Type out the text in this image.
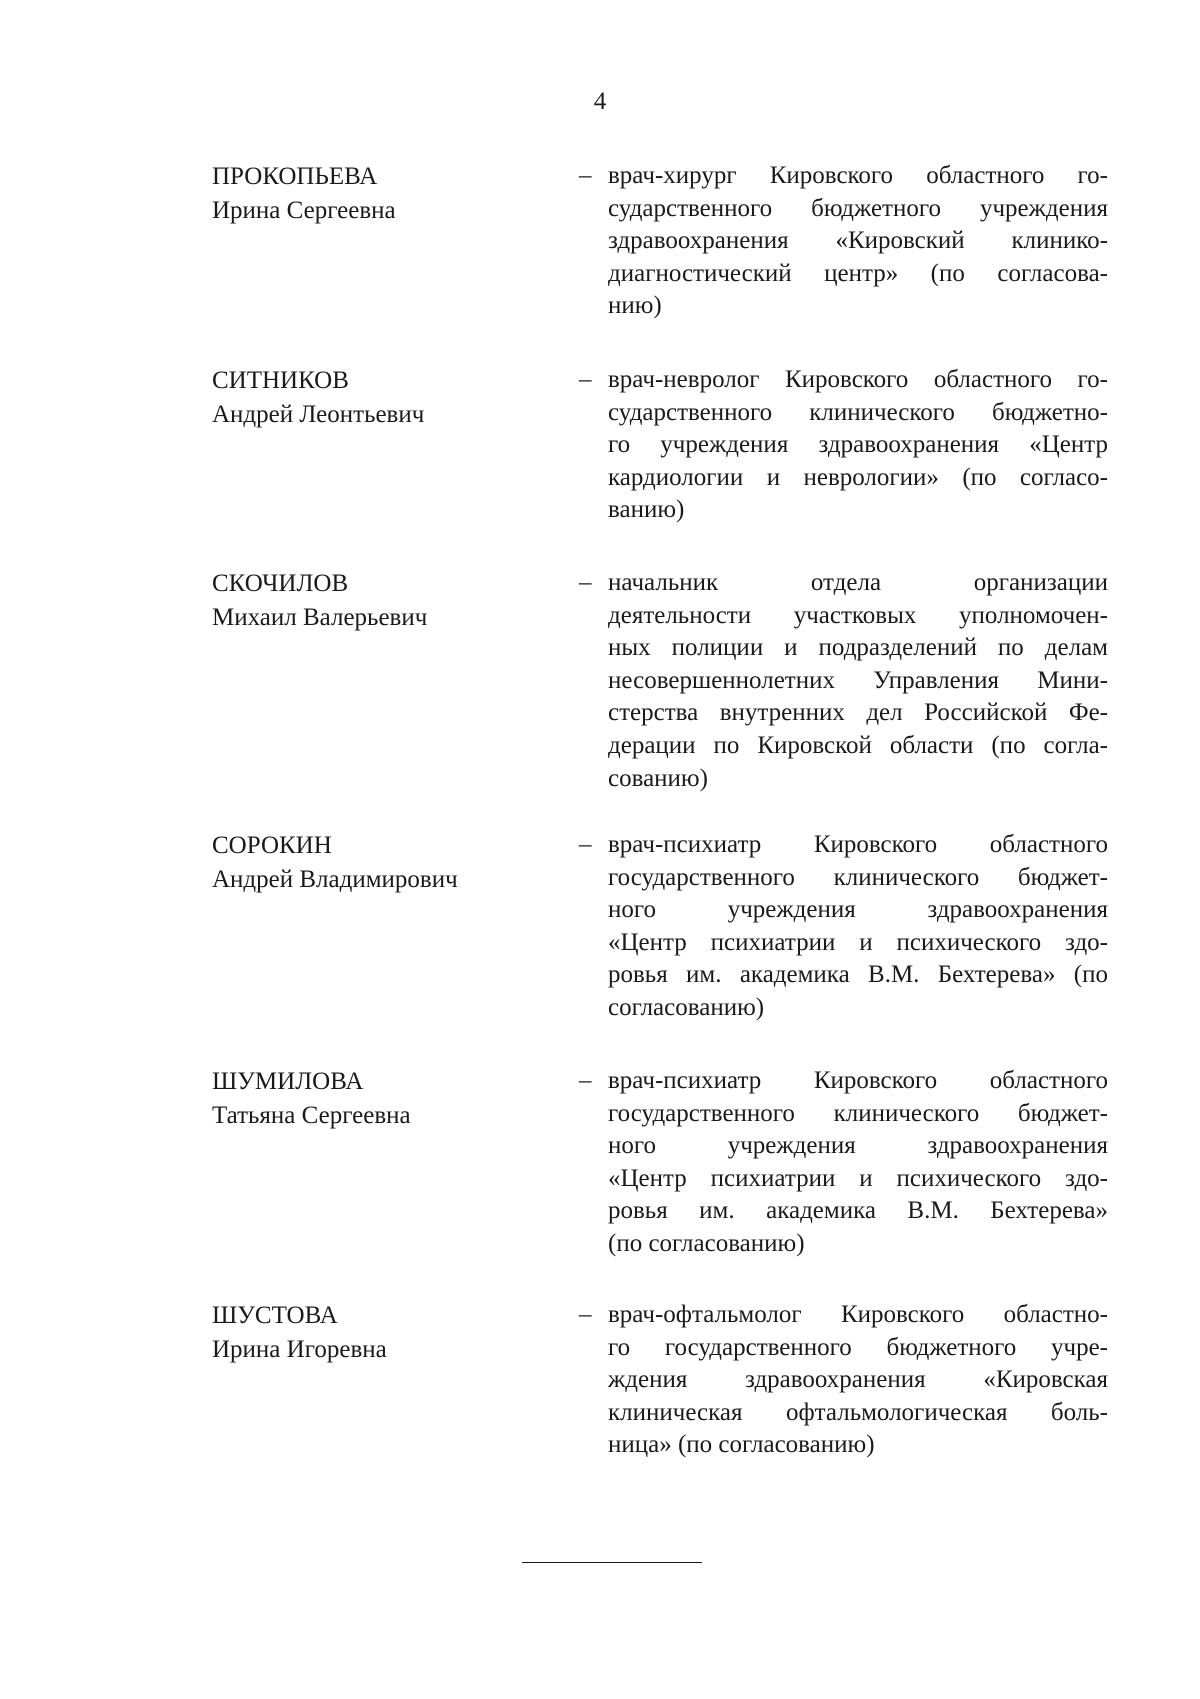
4
ПРОКОПЬЕВА
Ирина Сергеевна
– врач-хирург Кировского областного го-
сударственного бюджетного учреждения
здравоохранения «Кировский клинико-
диагностический центр» (по согласова-
нию)
СИТНИКОВ
Андрей Леонтьевич
– врач-невролог Кировского областного го-
сударственного клинического бюджетно-
го учреждения здравоохранения «Центр
кардиологии и неврологии» (по согласо-
ванию)
СКОЧИЛОВ
Михаил Валерьевич
– начальник отдела организации
деятельности участковых уполномочен-
ных полиции и подразделений по делам
несовершеннолетних Управления Мини-
стерства внутренних дел Российской Фе-
дерации по Кировской области (по согла-
сованию)
СОРОКИН
Андрей Владимирович
– врач-психиатр Кировского областного
государственного клинического бюджет-
ного учреждения здравоохранения
«Центр психиатрии и психического здо-
ровья им. академика В.М. Бехтерева» (по
согласованию)
ШУМИЛОВА
Татьяна Сергеевна
– врач-психиатр Кировского областного
государственного клинического бюджет-
ного учреждения здравоохранения
«Центр психиатрии и психического здо-
ровья им. академика В.М. Бехтерева»
(по согласованию)
ШУСТОВА
Ирина Игоревна
– врач-офтальмолог Кировского областно-
го государственного бюджетного учре-
ждения здравоохранения «Кировская
клиническая офтальмологическая боль-
ница» (по согласованию)
